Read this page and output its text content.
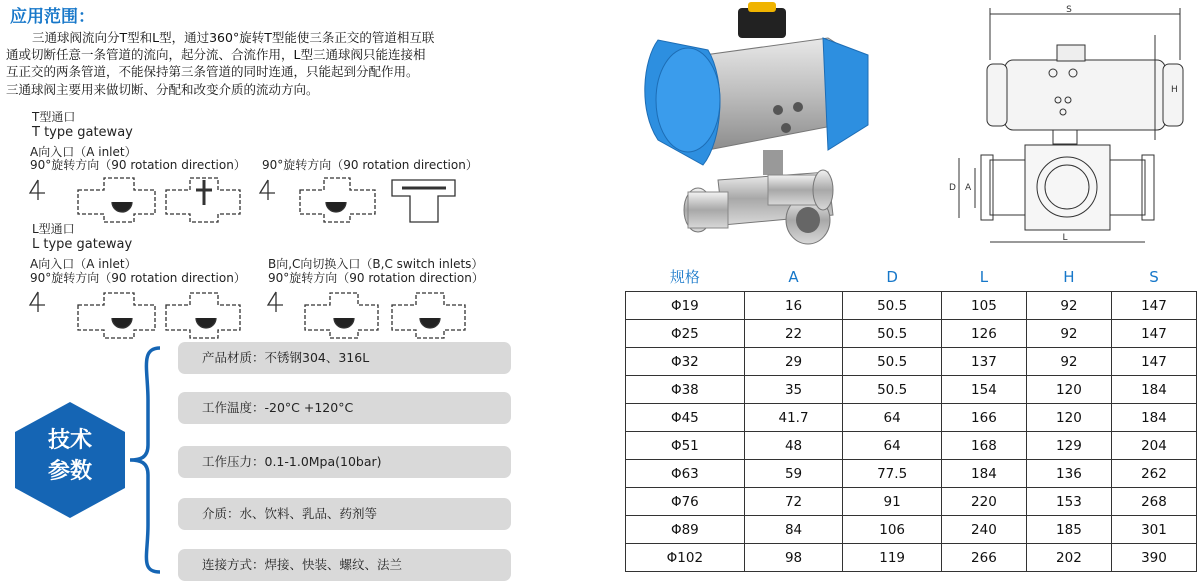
应用范围：

三通球阀流向分T型和L型，通过360°旋转T型能使三条正交的管道相互联

通或切断任意一条管道的流向，起分流、合流作用，L型三通球阀只能连接相

互正交的两条管道，不能保持第三条管道的同时连通，只能起到分配作用。

三通球阀主要用来做切断、分配和改变介质的流动方向。

T型通口
T type gateway
A向入口（A inlet）
90°旋转方向（90 rotation direction） 90°旋转方向（90 rotation direction）
L型通口
L type gateway
A向入口（A inlet）
90°旋转方向（90 rotation direction）
B向,C向切换入口（B,C switch inlets）
90°旋转方向（90 rotation direction）
技术
参数
产品材质：不锈钢304、316L
工作温度：-20°C +120°C
工作压力：0.1-1.0Mpa(10bar)
介质：水、饮料、乳品、药剂等
连接方式：焊接、快装、螺纹、法兰
S
H
D A
L
规格	A	D	L	H	S
Φ19	16	50.5	105	92	147
Φ25	22	50.5	126	92	147
Φ32	29	50.5	137	92	147
Φ38	35	50.5	154	120	184
Φ45	41.7	64	166	120	184
Φ51	48	64	168	129	204
Φ63	59	77.5	184	136	262
Φ76	72	91	220	153	268
Φ89	84	106	240	185	301
Φ102	98	119	266	202	390
